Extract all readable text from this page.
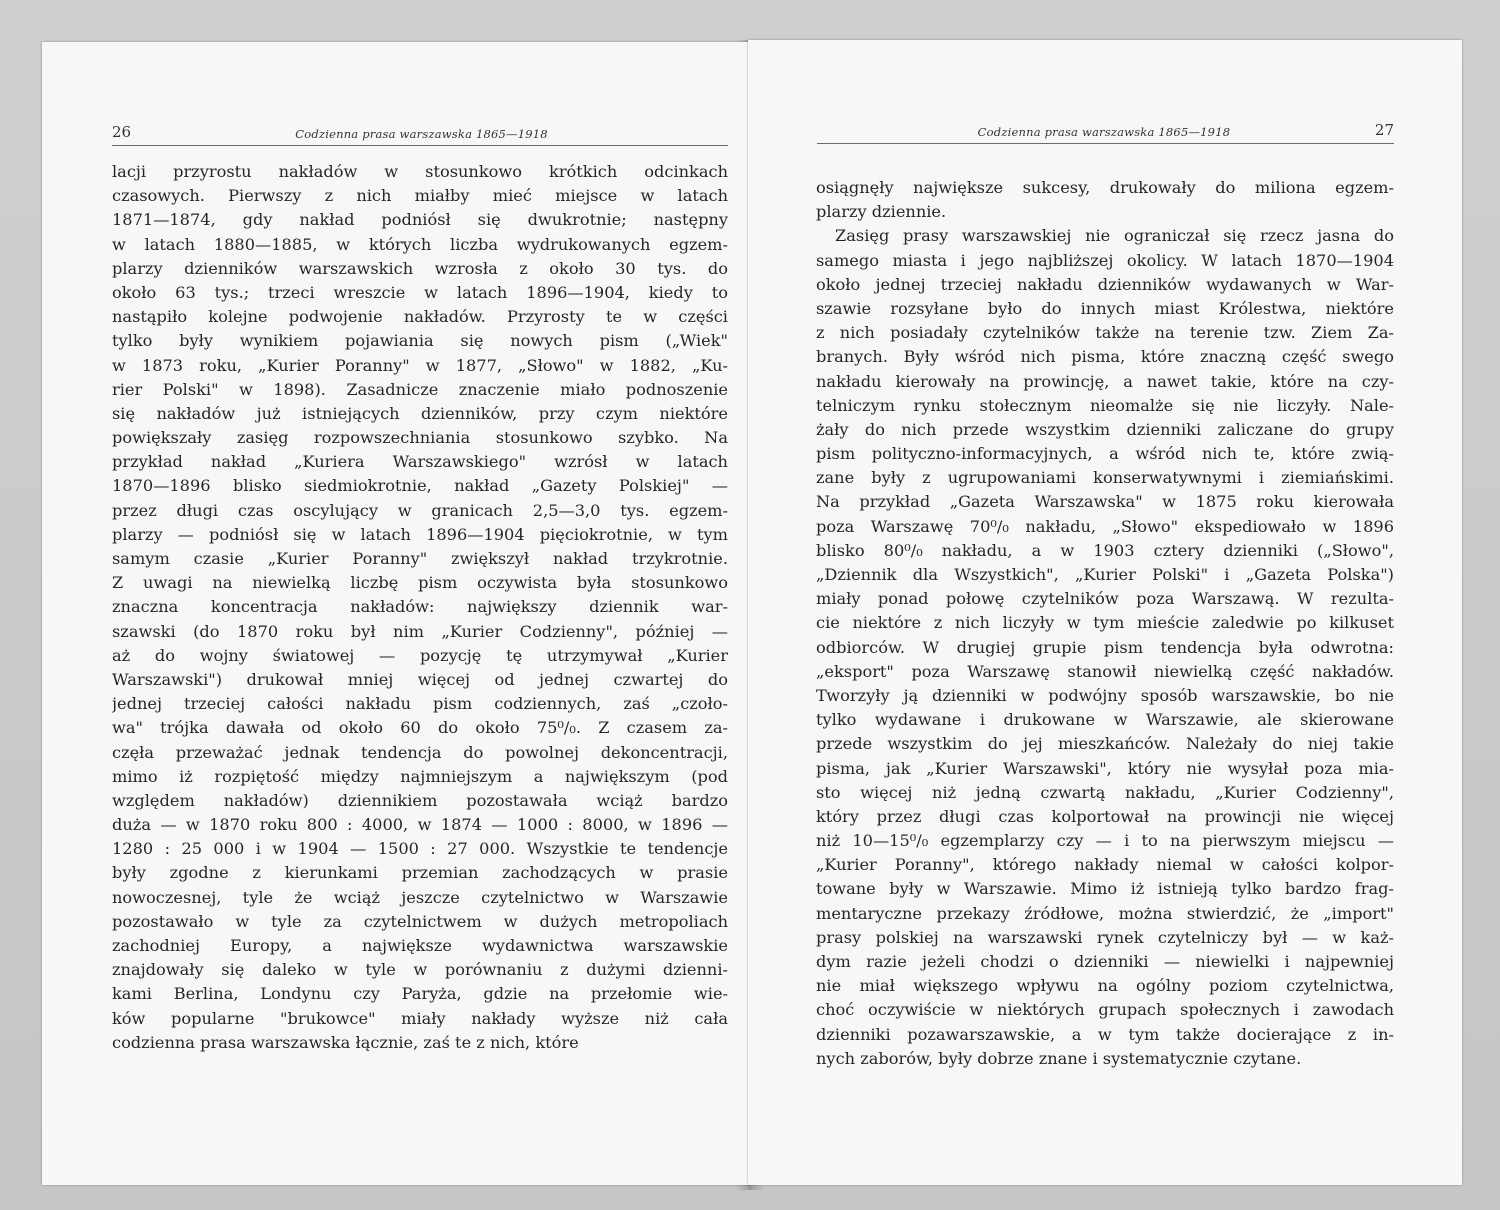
26	Codzienna prasa warszawska 1865—1918
lacji przyrostu nakładów w stosunkowo krótkich odcinkach
czasowych. Pierwszy z nich miałby mieć miejsce w latach
1871—1874, gdy nakład podniósł się dwukrotnie; następny
w latach 1880—1885, w których liczba wydrukowanych egzem-
plarzy dzienników warszawskich wzrosła z około 30 tys. do
około 63 tys.; trzeci wreszcie w latach 1896—1904, kiedy to
nastąpiło kolejne podwojenie nakładów. Przyrosty te w części
tylko były wynikiem pojawiania się nowych pism („Wiek"
w 1873 roku, „Kurier Poranny" w 1877, „Słowo" w 1882, „Ku-
rier Polski" w 1898). Zasadnicze znaczenie miało podnoszenie
się nakładów już istniejących dzienników, przy czym niektóre
powiększały zasięg rozpowszechniania stosunkowo szybko. Na
przykład nakład „Kuriera Warszawskiego" wzrósł w latach
1870—1896 blisko siedmiokrotnie, nakład „Gazety Polskiej" —
przez długi czas oscylujący w granicach 2,5—3,0 tys. egzem-
plarzy — podniósł się w latach 1896—1904 pięciokrotnie, w tym
samym czasie „Kurier Poranny" zwiększył nakład trzykrotnie.
Z uwagi na niewielką liczbę pism oczywista była stosunkowo
znaczna koncentracja nakładów: największy dziennik war-
szawski (do 1870 roku był nim „Kurier Codzienny", później —
aż do wojny światowej — pozycję tę utrzymywał „Kurier
Warszawski") drukował mniej więcej od jednej czwartej do
jednej trzeciej całości nakładu pism codziennych, zaś „czoło-
wa" trójka dawała od około 60 do około 75⁰/₀. Z czasem za-
częła przeważać jednak tendencja do powolnej dekoncentracji,
mimo iż rozpiętość między najmniejszym a największym (pod
względem nakładów) dziennikiem pozostawała wciąż bardzo
duża — w 1870 roku 800 : 4000, w 1874 — 1000 : 8000, w 1896 —
1280 : 25 000 i w 1904 — 1500 : 27 000. Wszystkie te tendencje
były zgodne z kierunkami przemian zachodzących w prasie
nowoczesnej, tyle że wciąż jeszcze czytelnictwo w Warszawie
pozostawało w tyle za czytelnictwem w dużych metropoliach
zachodniej Europy, a największe wydawnictwa warszawskie
znajdowały się daleko w tyle w porównaniu z dużymi dzienni-
kami Berlina, Londynu czy Paryża, gdzie na przełomie wie-
ków popularne "brukowce" miały nakłady wyższe niż cała
codzienna prasa warszawska łącznie, zaś te z nich, które
Codzienna prasa warszawska 1865—1918	27
osiągnęły największe sukcesy, drukowały do miliona egzem-
plarzy dziennie.
Zasięg prasy warszawskiej nie ograniczał się rzecz jasna do
samego miasta i jego najbliższej okolicy. W latach 1870—1904
około jednej trzeciej nakładu dzienników wydawanych w War-
szawie rozsyłane było do innych miast Królestwa, niektóre
z nich posiadały czytelników także na terenie tzw. Ziem Za-
branych. Były wśród nich pisma, które znaczną część swego
nakładu kierowały na prowincję, a nawet takie, które na czy-
telniczym rynku stołecznym nieomalże się nie liczyły. Nale-
żały do nich przede wszystkim dzienniki zaliczane do grupy
pism polityczno-informacyjnych, a wśród nich te, które zwią-
zane były z ugrupowaniami konserwatywnymi i ziemiańskimi.
Na przykład „Gazeta Warszawska" w 1875 roku kierowała
poza Warszawę 70⁰/₀ nakładu, „Słowo" ekspediowało w 1896
blisko 80⁰/₀ nakładu, a w 1903 cztery dzienniki („Słowo",
„Dziennik dla Wszystkich", „Kurier Polski" i „Gazeta Polska")
miały ponad połowę czytelników poza Warszawą. W rezulta-
cie niektóre z nich liczyły w tym mieście zaledwie po kilkuset
odbiorców. W drugiej grupie pism tendencja była odwrotna:
„eksport" poza Warszawę stanowił niewielką część nakładów.
Tworzyły ją dzienniki w podwójny sposób warszawskie, bo nie
tylko wydawane i drukowane w Warszawie, ale skierowane
przede wszystkim do jej mieszkańców. Należały do niej takie
pisma, jak „Kurier Warszawski", który nie wysyłał poza mia-
sto więcej niż jedną czwartą nakładu, „Kurier Codzienny",
który przez długi czas kolportował na prowincji nie więcej
niż 10—15⁰/₀ egzemplarzy czy — i to na pierwszym miejscu —
„Kurier Poranny", którego nakłady niemal w całości kolpor-
towane były w Warszawie. Mimo iż istnieją tylko bardzo frag-
mentaryczne przekazy źródłowe, można stwierdzić, że „import"
prasy polskiej na warszawski rynek czytelniczy był — w każ-
dym razie jeżeli chodzi o dzienniki — niewielki i najpewniej
nie miał większego wpływu na ogólny poziom czytelnictwa,
choć oczywiście w niektórych grupach społecznych i zawodach
dzienniki pozawarszawskie, a w tym także docierające z in-
nych zaborów, były dobrze znane i systematycznie czytane.
